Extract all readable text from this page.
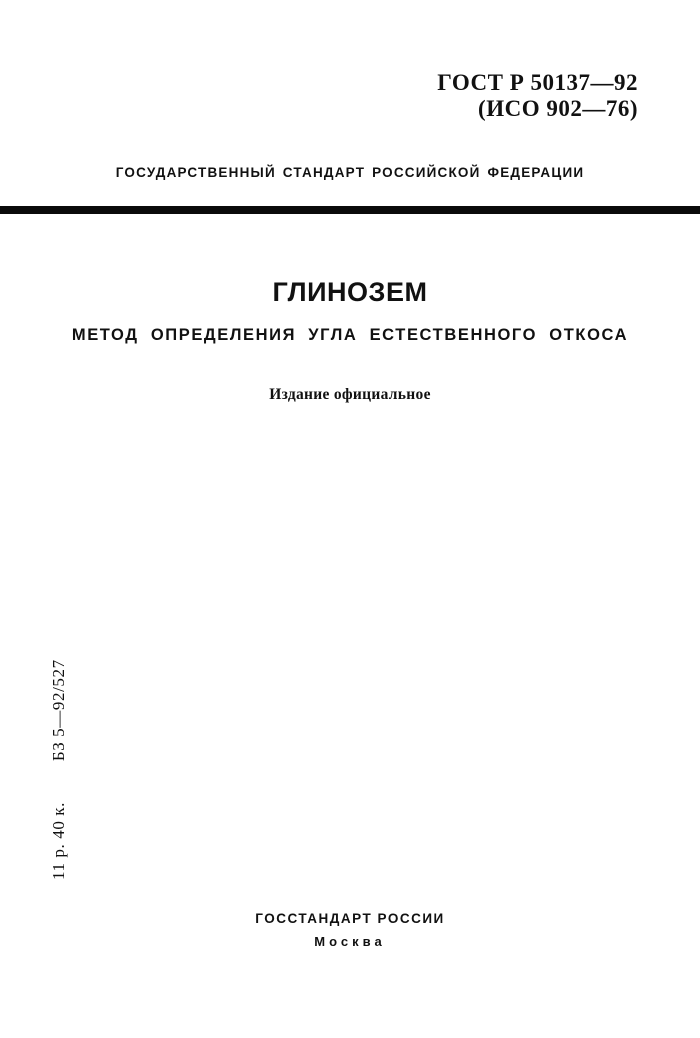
ГОСТ Р 50137—92
(ИСО 902—76)
ГОСУДАРСТВЕННЫЙ СТАНДАРТ РОССИЙСКОЙ ФЕДЕРАЦИИ
ГЛИНОЗЕМ
МЕТОД ОПРЕДЕЛЕНИЯ УГЛА ЕСТЕСТВЕННОГО ОТКОСА
Издание официальное
11 р. 40 к. БЗ 5—92/527
ГОССТАНДАРТ РОССИИ
Москва
